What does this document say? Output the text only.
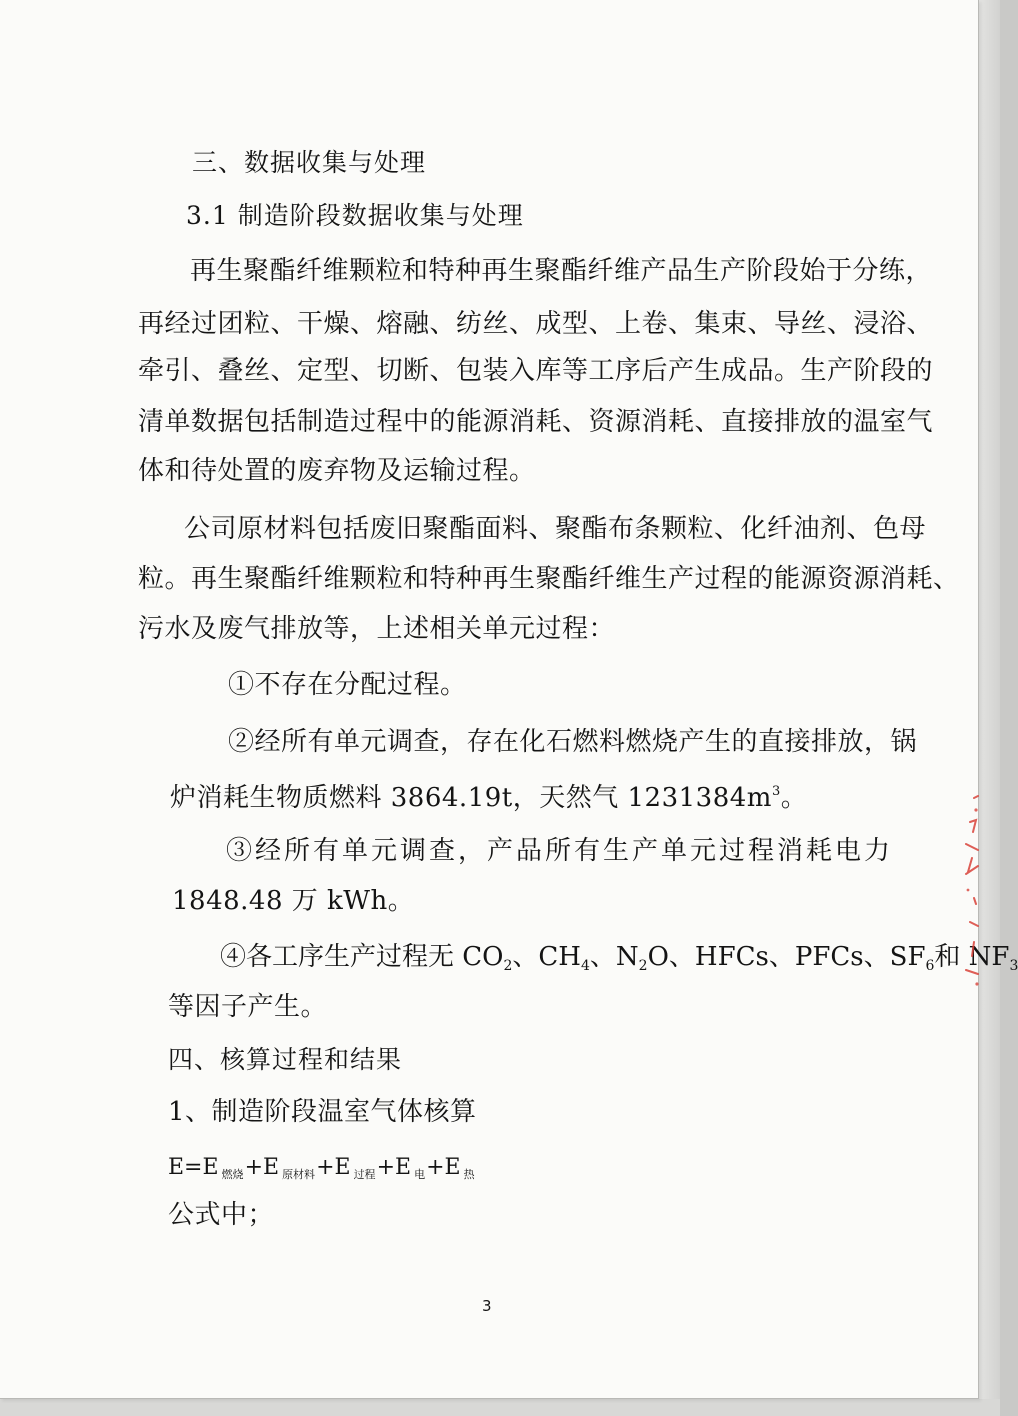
三、数据收集与处理

3.1 制造阶段数据收集与处理

再生聚酯纤维颗粒和特种再生聚酯纤维产品生产阶段始于分练，

再经过团粒、干燥、熔融、纺丝、成型、上卷、集束、导丝、浸浴、

牵引、叠丝、定型、切断、包装入库等工序后产生成品。生产阶段的

清单数据包括制造过程中的能源消耗、资源消耗、直接排放的温室气

体和待处置的废弃物及运输过程。

公司原材料包括废旧聚酯面料、聚酯布条颗粒、化纤油剂、色母

粒。再生聚酯纤维颗粒和特种再生聚酯纤维生产过程的能源资源消耗、

污水及废气排放等，上述相关单元过程：

①不存在分配过程。

②经所有单元调查，存在化石燃料燃烧产生的直接排放，锅

炉消耗生物质燃料 3864.19t，天然气 $1231384m^3$。

③经所有单元调查，产品所有生产单元过程消耗电力

1848.48 万 kWh。

④各工序生产过程无 $CO_2$、$CH_4$、$N_2O$、HFCs、PFCs、$SF_6$和 $NF_3$

等因子产生。

四、核算过程和结果

1、制造阶段温室气体核算

E=E $_{燃烧}$+E $_{原材料}$+E $_{过程}$+E $_电$+E $_热$

公式中；

3
